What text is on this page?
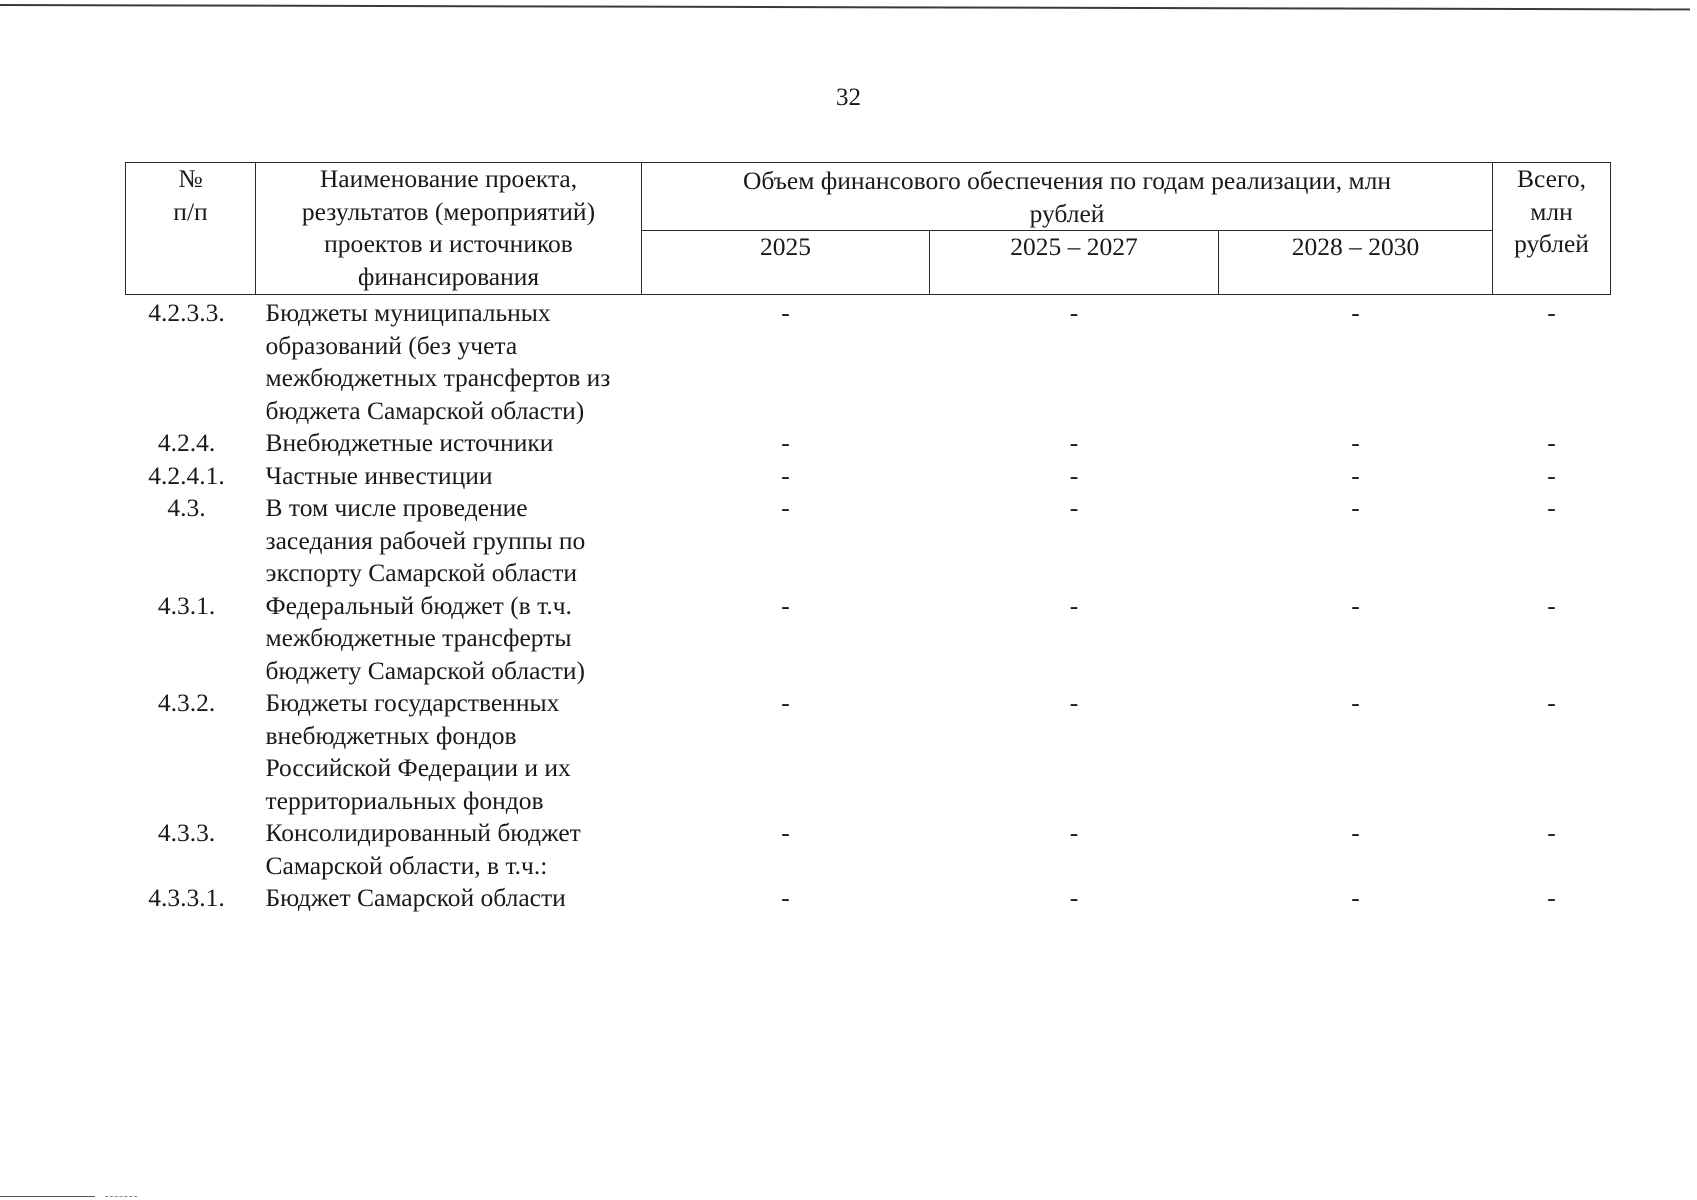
32
№ п/п	Наименование проекта, результатов (мероприятий) проектов и источников финансирования	Объем финансового обеспечения по годам реализации, млн рублей			Всего, млн рублей
		2025	2025 – 2027	2028 – 2030	
4.2.3.3.	Бюджеты муниципальных образований (без учета межбюджетных трансфертов из бюджета Самарской области)	-	-	-	-
4.2.4.	Внебюджетные источники	-	-	-	-
4.2.4.1.	Частные инвестиции	-	-	-	-
4.3.	В том числе проведение заседания рабочей группы по экспорту Самарской области	-	-	-	-
4.3.1.	Федеральный бюджет (в т.ч. межбюджетные трансферты бюджету Самарской области)	-	-	-	-
4.3.2.	Бюджеты государственных внебюджетных фондов Российской Федерации и их территориальных фондов	-	-	-	-
4.3.3.	Консолидированный бюджет Самарской области, в т.ч.:	-	-	-	-
4.3.3.1.	Бюджет Самарской области	-	-	-	-
